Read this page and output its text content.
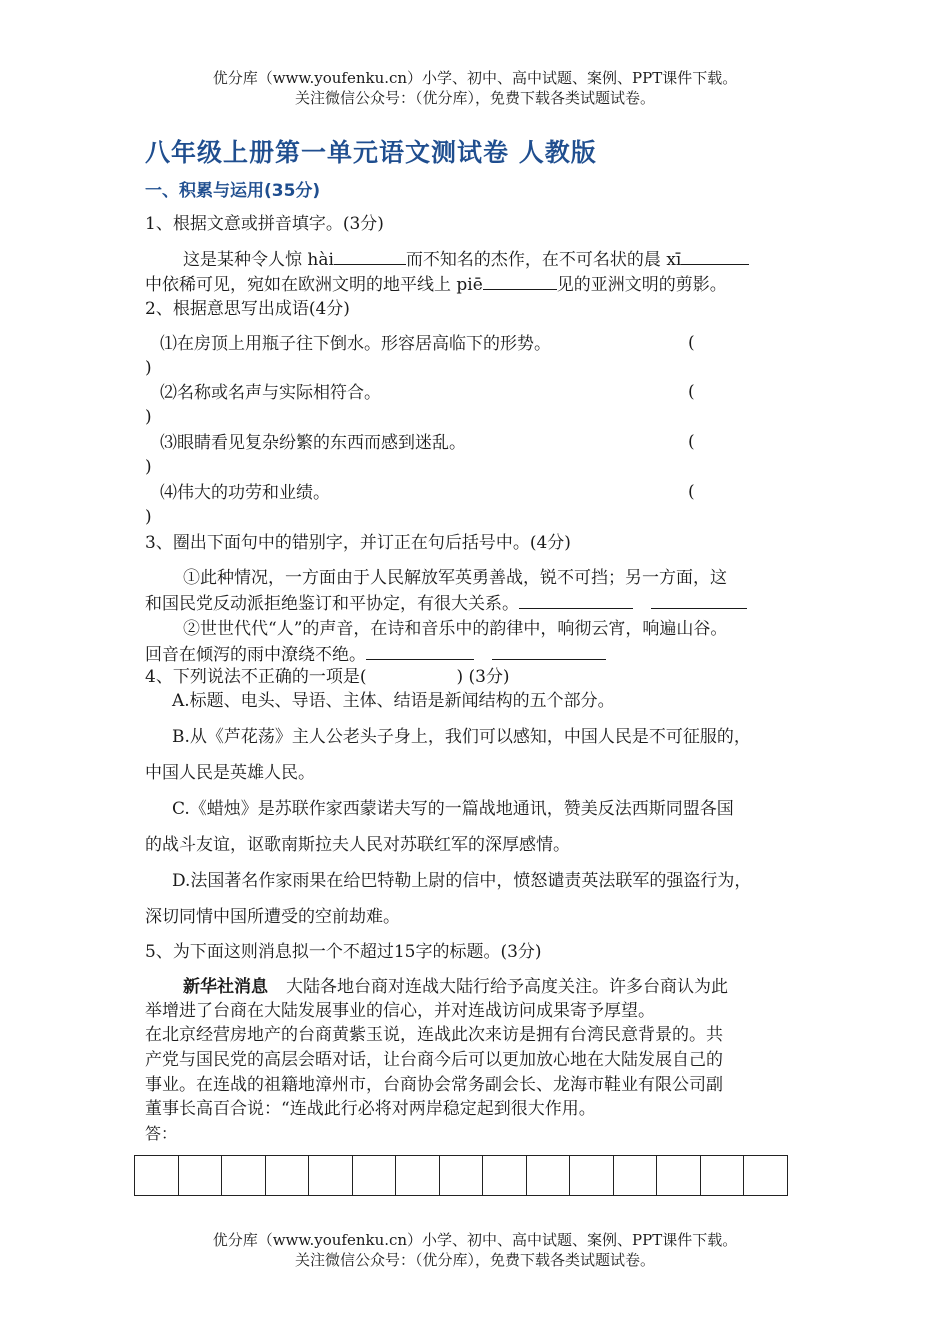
优分库（www.youfenku.cn）小学、初中、高中试题、案例、PPT课件下载。
关注微信公众号：（优分库），免费下载各类试题试卷。
八年级上册第一单元语文测试卷 人教版
一、积累与运用(35分)
1、根据文意或拼音填字。(3分)
这是某种令人惊 hài	而不知名的杰作，在不可名状的晨 xī
中依稀可见，宛如在欧洲文明的地平线上 piē	见的亚洲文明的剪影。
2、根据意思写出成语(4分)
⑴在房顶上用瓶子往下倒水。形容居高临下的形势。	(
)
⑵名称或名声与实际相符合。	(
)
⑶眼睛看见复杂纷繁的东西而感到迷乱。	(
)
⑷伟大的功劳和业绩。	(
)
3、圈出下面句中的错别字，并订正在句后括号中。(4分)
①此种情况，一方面由于人民解放军英勇善战，锐不可挡；另一方面，这
和国民党反动派拒绝鉴订和平协定，有很大关系。
②世世代代“人”的声音，在诗和音乐中的韵律中，响彻云宵，响遍山谷。
回音在倾泻的雨中潦绕不绝。
4、下列说法不正确的一项是(	) (3分)
A.标题、电头、导语、主体、结语是新闻结构的五个部分。
B.从《芦花荡》主人公老头子身上，我们可以感知，中国人民是不可征服的，
中国人民是英雄人民。
C.《蜡烛》是苏联作家西蒙诺夫写的一篇战地通讯，赞美反法西斯同盟各国
的战斗友谊，讴歌南斯拉夫人民对苏联红军的深厚感情。
D.法国著名作家雨果在给巴特勒上尉的信中，愤怒谴责英法联军的强盗行为，
深切同情中国所遭受的空前劫难。
5、为下面这则消息拟一个不超过15字的标题。(3分)
新华社消息 大陆各地台商对连战大陆行给予高度关注。许多台商认为此
举增进了台商在大陆发展事业的信心，并对连战访问成果寄予厚望。
在北京经营房地产的台商黄紫玉说，连战此次来访是拥有台湾民意背景的。共
产党与国民党的高层会晤对话，让台商今后可以更加放心地在大陆发展自己的
事业。在连战的祖籍地漳州市，台商协会常务副会长、龙海市鞋业有限公司副
董事长高百合说：“连战此行必将对两岸稳定起到很大作用。
答：
优分库（www.youfenku.cn）小学、初中、高中试题、案例、PPT课件下载。
关注微信公众号：（优分库），免费下载各类试题试卷。
